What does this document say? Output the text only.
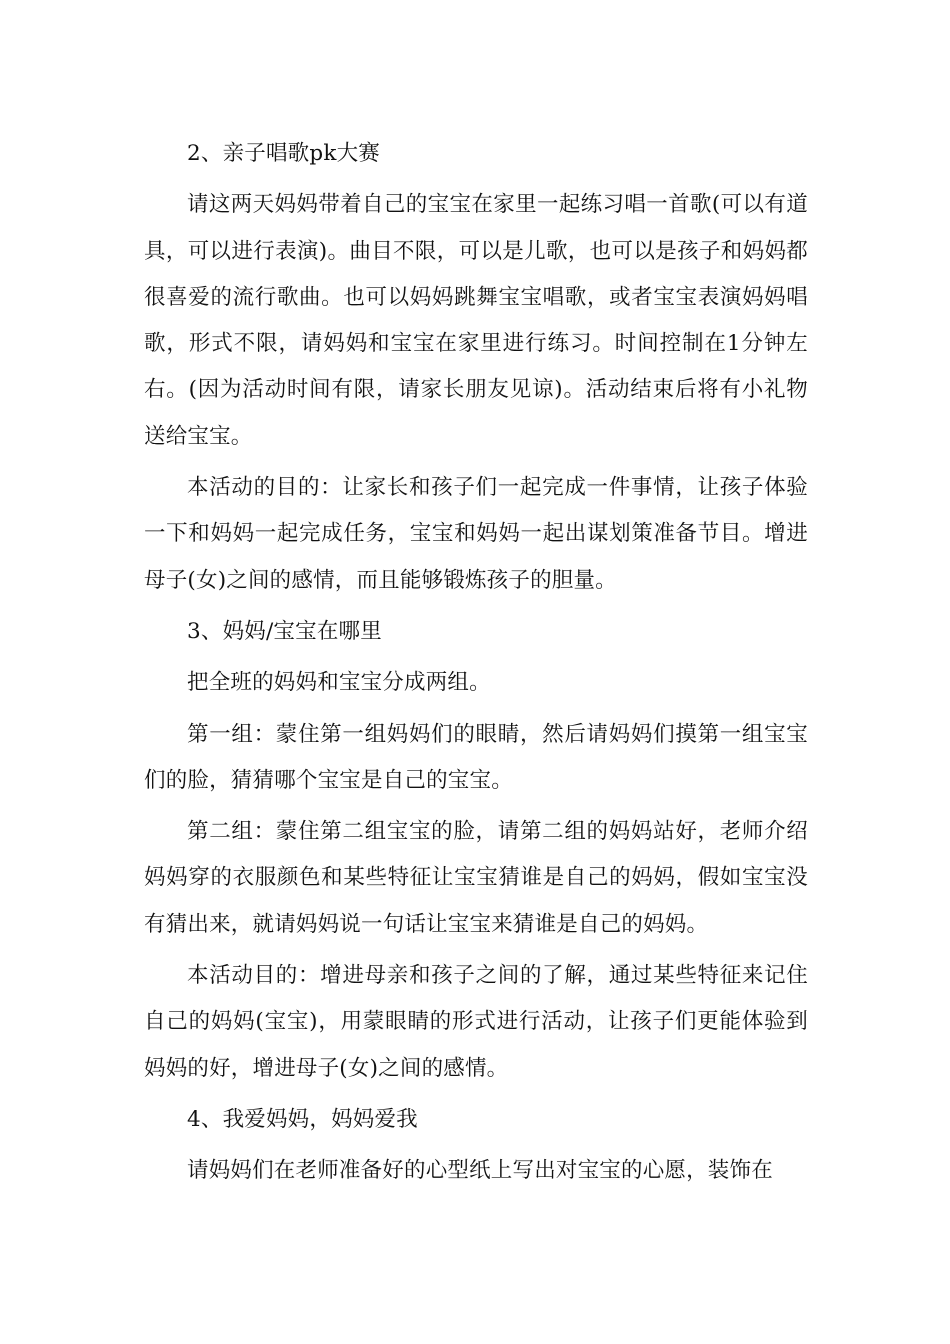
2、亲子唱歌pk大赛

请这两天妈妈带着自己的宝宝在家里一起练习唱一首歌(可以有道具，可以进行表演)。曲目不限，可以是儿歌，也可以是孩子和妈妈都很喜爱的流行歌曲。也可以妈妈跳舞宝宝唱歌，或者宝宝表演妈妈唱歌，形式不限，请妈妈和宝宝在家里进行练习。时间控制在1分钟左右。(因为活动时间有限，请家长朋友见谅)。活动结束后将有小礼物送给宝宝。

本活动的目的：让家长和孩子们一起完成一件事情，让孩子体验一下和妈妈一起完成任务，宝宝和妈妈一起出谋划策准备节目。增进母子(女)之间的感情，而且能够锻炼孩子的胆量。

3、妈妈/宝宝在哪里

把全班的妈妈和宝宝分成两组。

第一组：蒙住第一组妈妈们的眼睛，然后请妈妈们摸第一组宝宝们的脸，猜猜哪个宝宝是自己的宝宝。

第二组：蒙住第二组宝宝的脸，请第二组的妈妈站好，老师介绍妈妈穿的衣服颜色和某些特征让宝宝猜谁是自己的妈妈，假如宝宝没有猜出来，就请妈妈说一句话让宝宝来猜谁是自己的妈妈。

本活动目的：增进母亲和孩子之间的了解，通过某些特征来记住自己的妈妈(宝宝)，用蒙眼睛的形式进行活动，让孩子们更能体验到妈妈的好，增进母子(女)之间的感情。

4、我爱妈妈，妈妈爱我

请妈妈们在老师准备好的心型纸上写出对宝宝的心愿，装饰在
